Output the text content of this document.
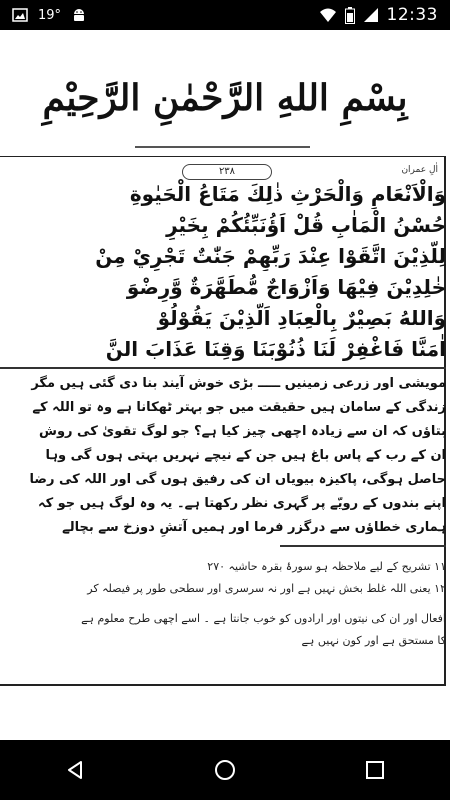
19°	12:33
بِسْمِ اللهِ الرَّحْمٰنِ الرَّحِيْمِ
۲۳۸	اٰلِ عمران
وَالْاَنْعَامِ وَالْحَرْثِ ذٰلِكَ مَتَاعُ الْحَيٰوةِ
حُسْنُ الْمَاٰبِ قُلْ اَؤُنَبِّئُكُمْ بِخَيْرٍ
لِلَّذِيْنَ اتَّقَوْا عِنْدَ رَبِّهِمْ جَنّٰتٌ تَجْرِيْ مِنْ
خٰلِدِيْنَ فِيْهَا وَاَزْوَاجٌ مُّطَهَّرَةٌ وَّرِضْوَ
وَاللهُ بَصِيْرٌ بِالْعِبَادِ اَلَّذِيْنَ يَقُوْلُوْ
اٰمَنَّا فَاغْفِرْ لَنَا ذُنُوْبَنَا وَقِنَا عَذَابَ النَّ
مویشی اور زرعی زمینیں ـــــ بڑی خوش آیند بنا دی گئی ہیں مگر
زندگی کے سامان ہیں حقیقت میں جو بہتر ٹھکانا ہے وہ تو اللہ کے
بتاؤں کہ ان سے زیادہ اچھی چیز کیا ہے؟ جو لوگ تقویٰ کی روش
ان کے رب کے پاس باغ ہیں جن کے نیچے نہریں بہتی ہوں گی وہا
حاصل ہوگی، پاکیزہ بیویاں ان کی رفیق ہوں گی اور اللہ کی رضا
اپنے بندوں کے رویّے پر گہری نظر رکھتا ہے۔ یہ وہ لوگ ہیں جو کہ
ہماری خطاؤں سے درگزر فرما اور ہمیں آتشِ دوزخ سے بچالے
۱۱ تشریح کے لیے ملاحظہ ہو سورۂ بقرہ حاشیہ ۲۷۰
۱۲ یعنی اللہ غلط بخش نہیں ہے اور نہ سرسری اور سطحی طور پر فیصلہ کر
افعال اور ان کی نیتوں اور ارادوں کو خوب جانتا ہے ۔ اسے اچھی طرح معلوم ہے
کا مستحق ہے اور کون نہیں ہے
